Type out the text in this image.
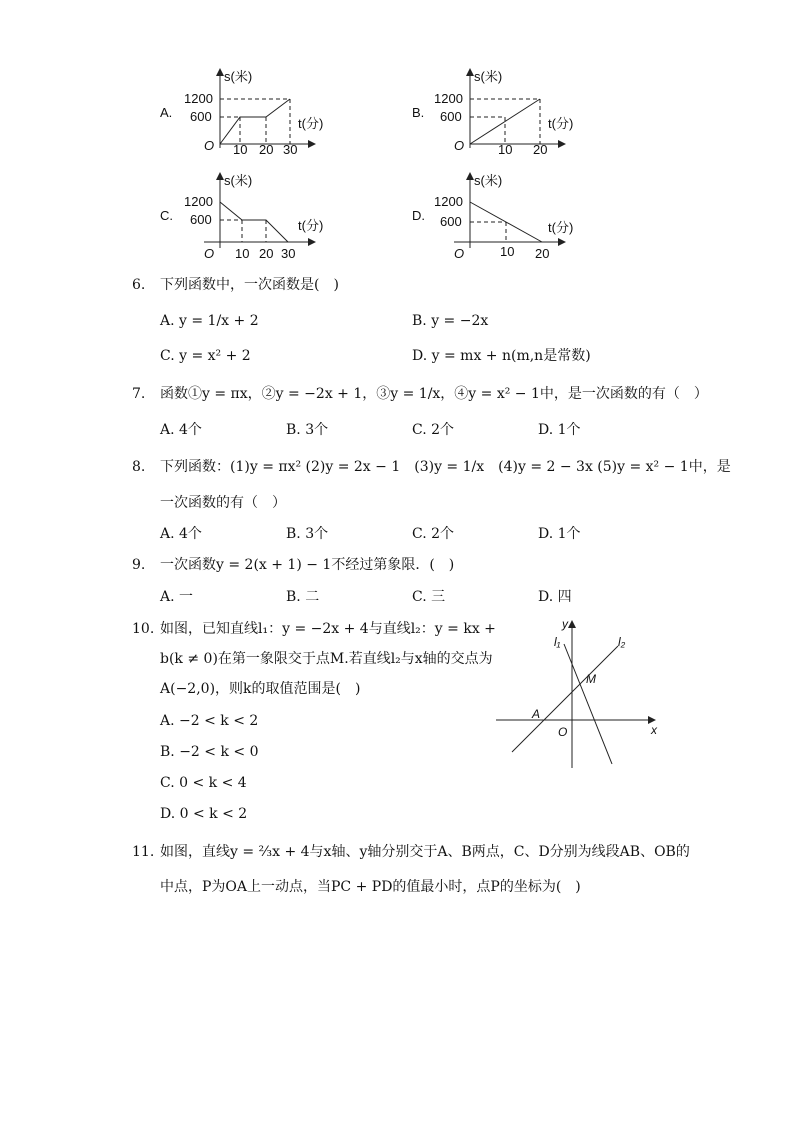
A.
s(米)
t(分)
O
1200
600
10 20 30
B.
s(米)
t(分)
O
1200
600
10 20
C.
s(米)
t(分)
O
1200
600
10 20 30
D.
s(米)
t(分)
O
1200
600
10 20
6. 下列函数中，一次函数是(　)
A. y = 1/x + 2	B. y = −2x
C. y = x² + 2	D. y = mx + n(m,n是常数)
7. 函数①y = πx，②y = −2x + 1，③y = 1/x，④y = x² − 1中，是一次函数的有（　）
A. 4个	B. 3个	C. 2个	D. 1个
8. 下列函数：(1)y = πx² (2)y = 2x − 1　(3)y = 1/x　(4)y = 2 − 3x (5)y = x² − 1中，是
一次函数的有（　）
A. 4个	B. 3个	C. 2个	D. 1个
9. 一次函数y = 2(x + 1) − 1不经过第象限．(　)
A. 一	B. 二	C. 三	D. 四
10. 如图，已知直线l₁：y = −2x + 4与直线l₂：y = kx +
b(k ≠ 0)在第一象限交于点M.若直线l₂与x轴的交点为
A(−2,0)，则k的取值范围是(　)
A. −2 < k < 2
B. −2 < k < 0
C. 0 < k < 4
D. 0 < k < 2
x
y
l₁	l₂
M
A
O
11. 如图，直线y = ⅔x + 4与x轴、y轴分别交于A、B两点，C、D分别为线段AB、OB的
中点，P为OA上一动点，当PC + PD的值最小时，点P的坐标为(　)
